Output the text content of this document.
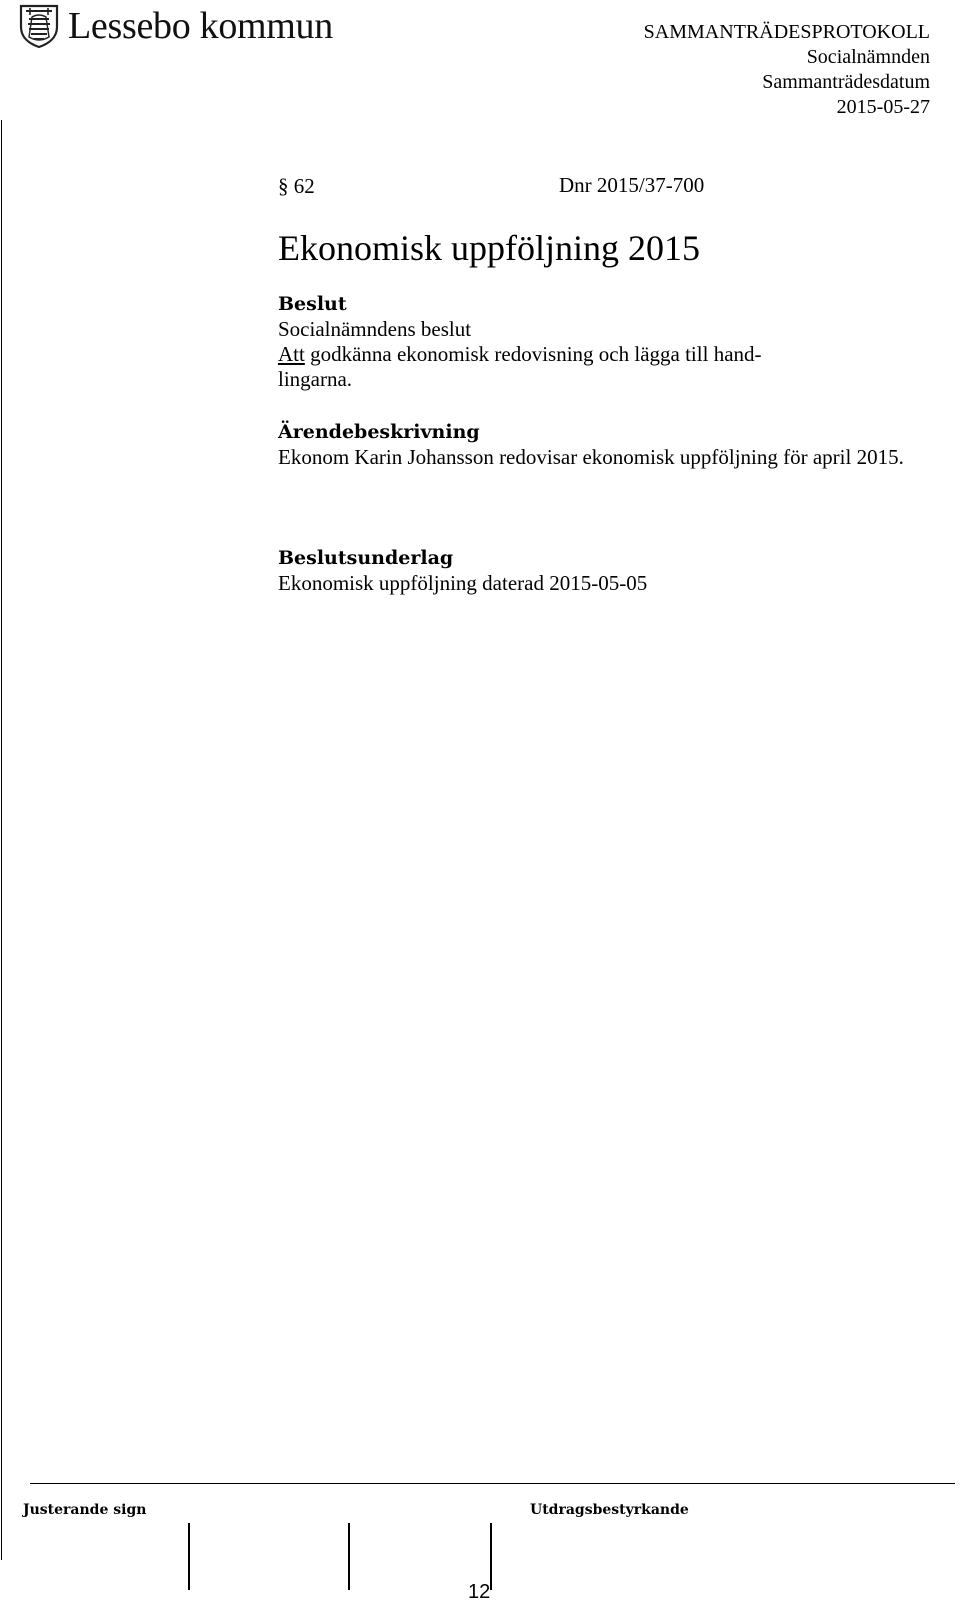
Lessebo kommun	SAMMANTRÄDESPROTOKOLL
Socialnämnden
Sammanträdesdatum
2015-05-27
§ 62	Dnr 2015/37-700
Ekonomisk uppföljning 2015

Beslut

Socialnämndens beslut

Att godkänna ekonomisk redovisning och lägga till hand-

lingarna.

Ärendebeskrivning

Ekonom Karin Johansson redovisar ekonomisk uppföljning för april 2015.

Beslutsunderlag

Ekonomisk uppföljning daterad 2015-05-05

Justerande sign	Utdragsbestyrkande
12
